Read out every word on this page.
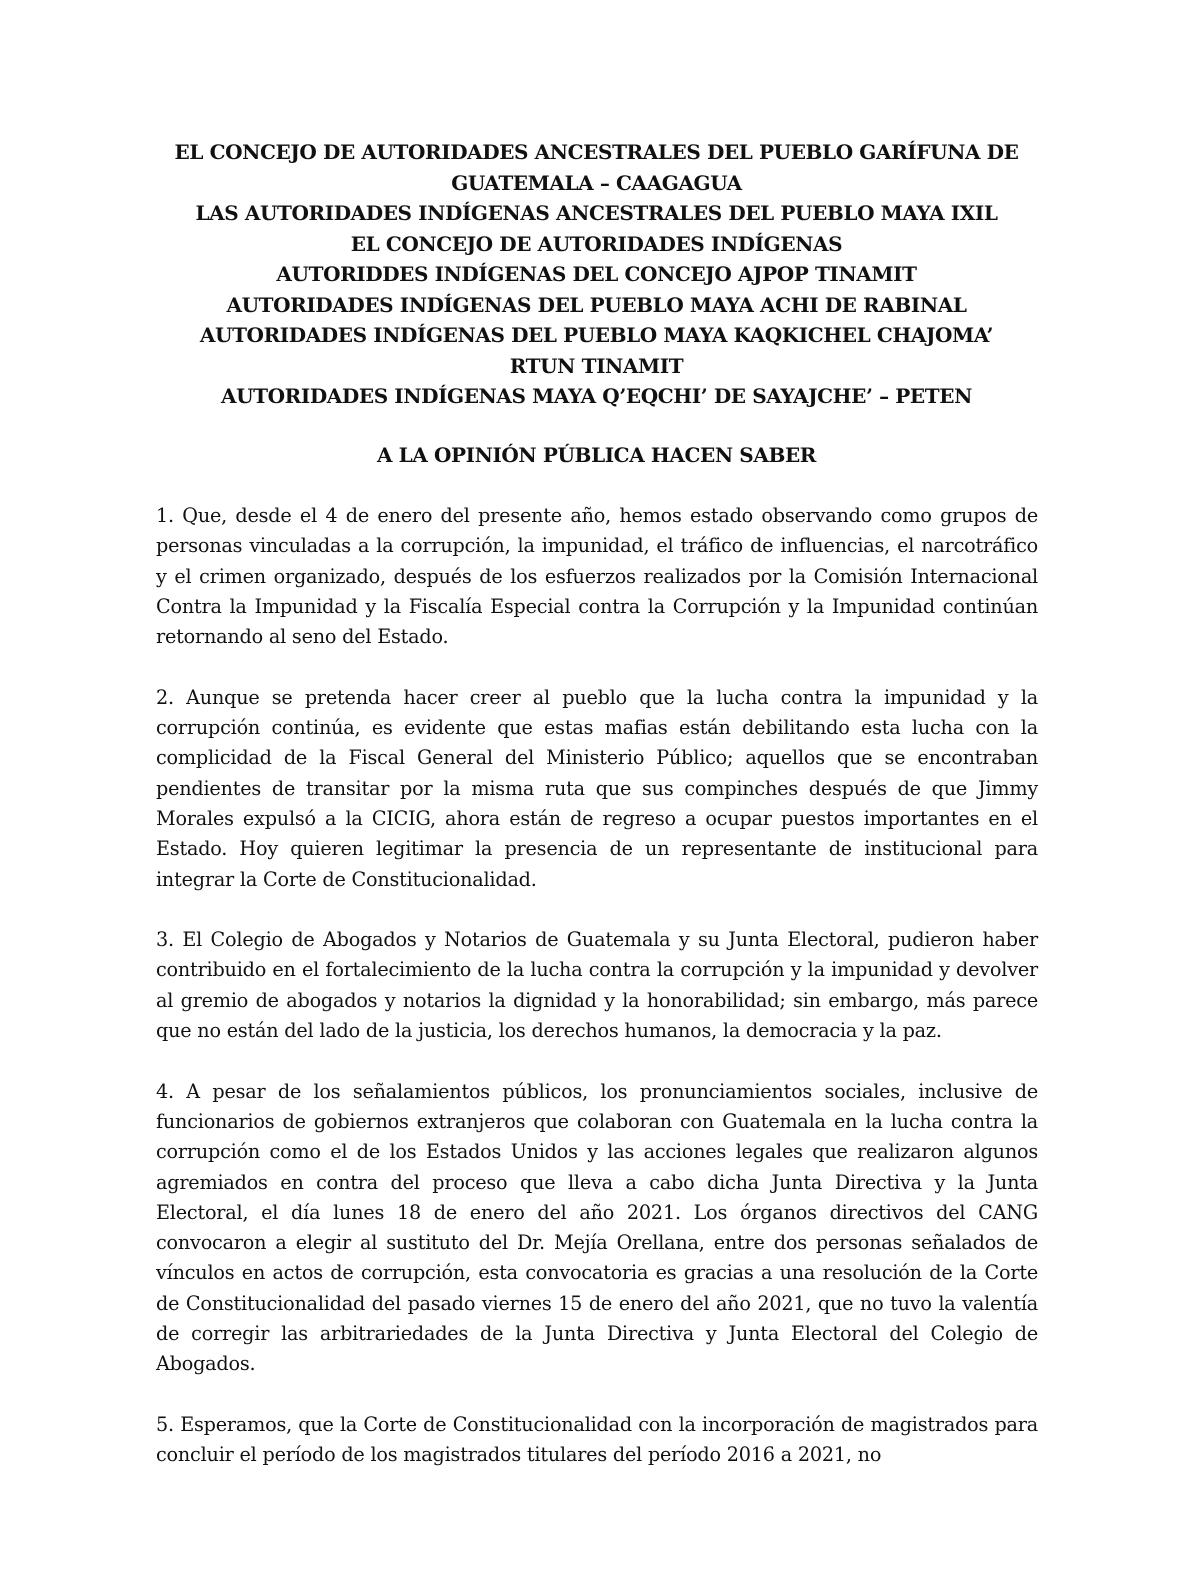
EL CONCEJO DE AUTORIDADES ANCESTRALES DEL PUEBLO GARÍFUNA DE
GUATEMALA – CAAGAGUA
LAS AUTORIDADES INDÍGENAS ANCESTRALES DEL PUEBLO MAYA IXIL
EL CONCEJO DE AUTORIDADES INDÍGENAS
AUTORIDDES INDÍGENAS DEL CONCEJO AJPOP TINAMIT
AUTORIDADES INDÍGENAS DEL PUEBLO MAYA ACHI DE RABINAL
AUTORIDADES INDÍGENAS DEL PUEBLO MAYA KAQKICHEL CHAJOMA’
RTUN TINAMIT
AUTORIDADES INDÍGENAS MAYA Q’EQCHI’ DE SAYAJCHE’ – PETEN
A LA OPINIÓN PÚBLICA HACEN SABER

1. Que, desde el 4 de enero del presente año, hemos estado observando como grupos de personas vinculadas a la corrupción, la impunidad, el tráfico de influencias, el narcotráfico y el crimen organizado, después de los esfuerzos realizados por la Comisión Internacional Contra la Impunidad y la Fiscalía Especial contra la Corrupción y la Impunidad continúan retornando al seno del Estado.

2. Aunque se pretenda hacer creer al pueblo que la lucha contra la impunidad y la corrupción continúa, es evidente que estas mafias están debilitando esta lucha con la complicidad de la Fiscal General del Ministerio Público; aquellos que se encontraban pendientes de transitar por la misma ruta que sus compinches después de que Jimmy Morales expulsó a la CICIG, ahora están de regreso a ocupar puestos importantes en el Estado. Hoy quieren legitimar la presencia de un representante de institucional para integrar la Corte de Constitucionalidad.

3. El Colegio de Abogados y Notarios de Guatemala y su Junta Electoral, pudieron haber contribuido en el fortalecimiento de la lucha contra la corrupción y la impunidad y devolver al gremio de abogados y notarios la dignidad y la honorabilidad; sin embargo, más parece que no están del lado de la justicia, los derechos humanos, la democracia y la paz.

4. A pesar de los señalamientos públicos, los pronunciamientos sociales, inclusive de funcionarios de gobiernos extranjeros que colaboran con Guatemala en la lucha contra la corrupción como el de los Estados Unidos y las acciones legales que realizaron algunos agremiados en contra del proceso que lleva a cabo dicha Junta Directiva y la Junta Electoral, el día lunes 18 de enero del año 2021. Los órganos directivos del CANG convocaron a elegir al sustituto del Dr. Mejía Orellana, entre dos personas señalados de vínculos en actos de corrupción, esta convocatoria es gracias a una resolución de la Corte de Constitucionalidad del pasado viernes 15 de enero del año 2021, que no tuvo la valentía de corregir las arbitrariedades de la Junta Directiva y Junta Electoral del Colegio de Abogados.

5. Esperamos, que la Corte de Constitucionalidad con la incorporación de magistrados para concluir el período de los magistrados titulares del período 2016 a 2021, no
